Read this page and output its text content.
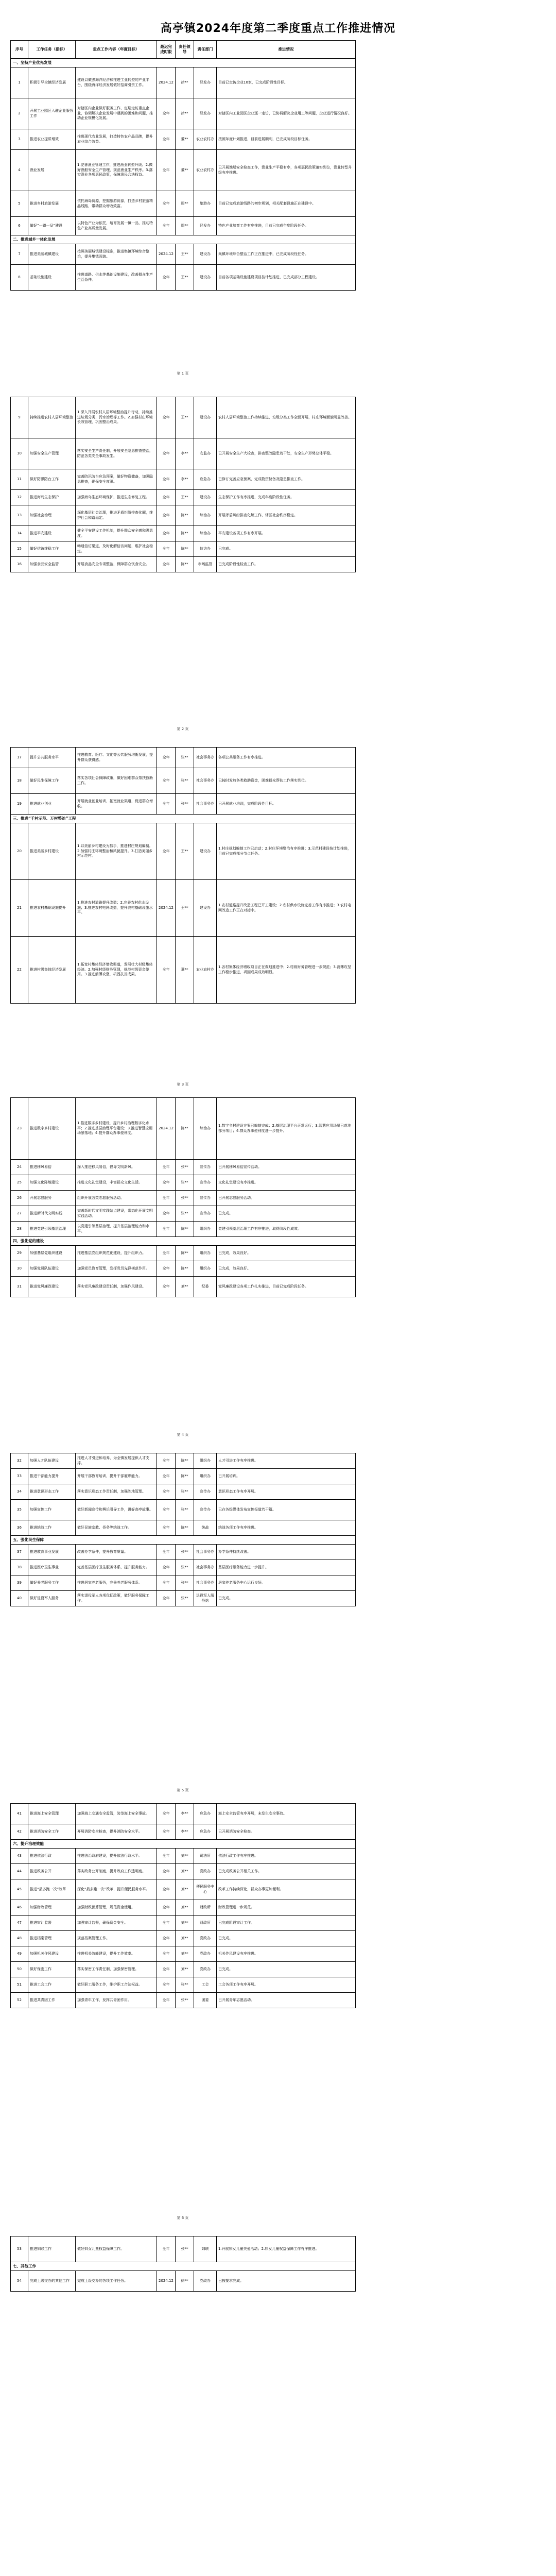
高亭镇2024年度第二季度重点工作推进情况
序号	工作任务（指标）	重点工作内容（年度目标）	最迟完成时限	责任领导	责任部门	推进情况
一、坚持产业优先发展						
1	积极引导全镇经济发展	建设以做强海洋经济和推进工业转型的产业平台，围绕海洋经济发展做好招商引资工作。	2024.12	徐**	经发办	目前已走访企业10家，已完成阶段性目标。
2	开展工业园区入驻企业服务工作	对辖区内企业做好服务工作，定期走访重点企业，协调解决企业发展中遇到的困难和问题，推动企业规模化发展。	全年	徐**	经发办	对辖区内工业园区企业逐一走访，已协调解决企业用工等问题，企业运行情况良好。
3	推进农业提质增效	推进现代农业发展，打造特色农产品品牌，提升农业综合效益。	全年	董**	农业农村办	按照年度计划推进，目前进展顺利，已完成阶段目标任务。
4	渔业发展	1.完善渔业管理工作，推进渔业转型升级。2.做好渔船安全生产管理，规范渔业生产秩序。3.落实渔业各项惠民政策，保障渔民合法权益。	全年	董**	农业农村办	已开展渔船安全检查工作，渔业生产平稳有序，各项惠民政策落实到位，渔业转型升级有序推进。
5	推进乡村旅游发展	依托海岛资源，挖掘旅游资源，打造乡村旅游精品线路，带动群众增收致富。	全年	周**	旅游办	目前已完成旅游线路的初步规划，相关配套设施正在建设中。
6	做好“一镇一品”建设	以特色产业为依托，培育发展一镇一品，推动特色产业高质量发展。	全年	周**	经发办	特色产业培育工作有序推进，目前已完成年度阶段任务。
二、推进城乡一体化发展						
7	推进美丽城镇建设	按照美丽城镇建设标准，推进集镇环境综合整治，提升集镇面貌。	2024.12	王**	建设办	集镇环境综合整治工作正在推进中，已完成阶段性任务。
8	基础设施建设	推进道路、供水等基础设施建设，改善群众生产生活条件。	全年	王**	建设办	目前各项基础设施建设项目按计划推进，已完成部分工程建设。
第 1 页
9	持续推进农村人居环境整治	1.深入开展农村人居环境整治提升行动，持续推进垃圾分类、污水治理等工作。2.加强村庄环境长效管理，巩固整治成果。	全年	王**	建设办	农村人居环境整治工作持续推进，垃圾分类工作全面开展，村庄环境面貌明显改善。
10	加强安全生产管理	落实安全生产责任制，开展安全隐患排查整治，防范各类安全事故发生。	全年	李**	安监办	已开展安全生产大检查，排查整改隐患若干处，安全生产形势总体平稳。
11	做好防汛防台工作	完善防汛防台应急预案，做好物资储备，加强隐患排查，确保安全度汛。	全年	李**	应急办	已修订完善应急预案，完成物资储备及隐患排查工作。
12	推进海岛生态保护	加强海岛生态环境保护，推进生态修复工程。	全年	王**	建设办	生态保护工作有序推进，完成年度阶段性任务。
13	加强社会治理	深化基层社会治理，推进矛盾纠纷排查化解，维护社会和谐稳定。	全年	陈**	综治办	开展矛盾纠纷排查化解工作，辖区社会秩序稳定。
14	推进平安建设	健全平安建设工作机制，提升群众安全感和满意度。	全年	陈**	综治办	平安建设各项工作有序开展。
15	做好信访维稳工作	畅通信访渠道，及时化解信访问题，维护社会稳定。	全年	陈**	信访办	已完成。
16	加强食品安全监管	开展食品安全专项整治，保障群众饮食安全。	全年	陈**	市场监管	已完成阶段性检查工作。
第 2 页
17	提升公共服务水平	推进教育、医疗、文化等公共服务均衡发展，提升群众获得感。	全年	张**	社会事务办	各项公共服务工作有序推进。
18	做好民生保障工作	落实各项社会保障政策，做好困难群众帮扶救助工作。	全年	张**	社会事务办	已按时发放各类救助资金，困难群众帮扶工作落实到位。
19	推进就业创业	开展就业创业培训，拓宽就业渠道，促进群众增收。	全年	张**	社会事务办	已开展就业培训，完成阶段性目标。
三、推进“千村示范、万村整治”工程						
20	推进美丽乡村建设	1.以美丽乡村建设为抓手，推进村庄规划编制。2.加强村庄环境整治和风貌提升。3.打造美丽乡村示范村。	全年	王**	建设办	1.村庄规划编制工作已启动；2.村庄环境整治有序推进；3.示范村建设按计划推进，目前已完成部分节点任务。
21	推进农村基础设施提升	1.推进农村道路提升改造；2.完善农村供水设施；3.推进农村电网改造，提升农村基础设施水平。	2024.12	王**	建设办	1.农村道路提升改造工程已开工建设；2.农村供水设施完善工作有序推进；3.农村电网改造工作正在对接中。
22	推进村级集体经济发展	1.拓宽村集体经济增收渠道，发展壮大村级集体经济。2.加强村级财务管理，规范村级资金使用。3.推进消薄攻坚，巩固扶贫成果。	全年	董**	农业农村办	1.各村集体经济增收项目正在谋划推进中；2.村级财务管理进一步规范；3.消薄攻坚工作稳步推进，巩固成果成效明显。
第 3 页
23	推进数字乡村建设	1.推进数字乡村建设，提升乡村治理数字化水平；2.推进基层治理平台建设；3.推进智慧应用场景落地；4.提升群众办事便利度。	2024.12	陈**	综治办	1.数字乡村建设方案已编制完成；2.基层治理平台正常运行；3.智慧应用场景已落地部分项目；4.群众办事便利度进一步提升。
24	推进移风易俗	深入推进移风易俗，倡导文明新风。	全年	张**	宣传办	已开展移风易俗宣传活动。
25	加强文化阵地建设	推进文化礼堂建设，丰富群众文化生活。	全年	张**	宣传办	文化礼堂建设有序推进。
26	开展志愿服务	组织开展各类志愿服务活动。	全年	张**	宣传办	已开展志愿服务活动。
27	推进新时代文明实践	完善新时代文明实践站点建设，常态化开展文明实践活动。	全年	张**	宣传办	已完成。
28	推进党建引领基层治理	以党建引领基层治理，提升基层治理能力和水平。	全年	陈**	组织办	党建引领基层治理工作有序推进，取得阶段性成效。
四、强化党的建设						
29	加强基层党组织建设	推进基层党组织规范化建设，提升组织力。	全年	陈**	组织办	已完成，效果良好。
30	加强党员队伍建设	加强党员教育管理，发挥党员先锋模范作用。	全年	陈**	组织办	已完成，效果良好。
31	推进党风廉政建设	落实党风廉政建设责任制，加强作风建设。	全年	刘**	纪委	党风廉政建设各项工作扎实推进，目前已完成阶段任务。
第 4 页
32	加强人才队伍建设	推进人才引进和培养，为全镇发展提供人才支撑。	全年	陈**	组织办	人才引进工作有序推进。
33	推进干部能力提升	开展干部教育培训，提升干部履职能力。	全年	陈**	组织办	已开展培训。
34	推进意识形态工作	落实意识形态工作责任制，加强阵地管理。	全年	张**	宣传办	意识形态工作有序开展。
35	加强宣传工作	做好新闻宣传和舆论引导工作，讲好高亭故事。	全年	张**	宣传办	已在各级媒体发布宣传报道若干篇。
36	推进统战工作	做好民族宗教、侨务等统战工作。	全年	陈**	统战	统战各项工作有序推进。
五、强化民生保障						
37	推进教育事业发展	改善办学条件，提升教育质量。	全年	张**	社会事务办	办学条件持续改善。
38	推进医疗卫生事业	完善基层医疗卫生服务体系，提升服务能力。	全年	张**	社会事务办	基层医疗服务能力进一步提升。
39	做好养老服务工作	推进居家养老服务，完善养老服务体系。	全年	张**	社会事务办	居家养老服务中心运行良好。
40	做好退役军人服务	落实退役军人各项优抚政策，做好服务保障工作。	全年	张**	退役军人服务站	已完成。
第 5 页
41	推进海上安全管理	加强海上交通安全监管，防范海上安全事故。	全年	李**	应急办	海上安全监管有序开展，未发生安全事故。
42	推进消防安全工作	开展消防安全检查，提升消防安全水平。	全年	李**	应急办	已开展消防安全检查。
六、提升治理效能						
43	推进依法行政	推进法治政府建设，提升依法行政水平。	全年	刘**	司法所	依法行政工作有序推进。
44	推进政务公开	落实政务公开制度，提升政府工作透明度。	全年	刘**	党政办	已完成政务公开相关工作。
45	推进“最多跑一次”改革	深化“最多跑一次”改革，提升便民服务水平。	全年	刘**	便民服务中心	改革工作持续深化，群众办事更加便利。
46	加强财政管理	加强财政预算管理，规范资金使用。	全年	刘**	财政所	财政管理进一步规范。
47	推进审计监督	加强审计监督，确保资金安全。	全年	刘**	财政所	已完成阶段审计工作。
48	推进档案管理	规范档案管理工作。	全年	刘**	党政办	已完成。
49	加强机关作风建设	推进机关效能建设，提升工作效率。	全年	刘**	党政办	机关作风建设有序推进。
50	做好保密工作	落实保密工作责任制，加强保密管理。	全年	刘**	党政办	已完成。
51	推进工会工作	做好职工服务工作，维护职工合法权益。	全年	张**	工会	工会各项工作有序开展。
52	推进共青团工作	加强青年工作，发挥共青团作用。	全年	张**	团委	已开展青年志愿活动。
第 6 页
53	推进妇联工作	做好妇女儿童权益保障工作。	全年	张**	妇联	1.开展妇女儿童关爱活动；2.妇女儿童权益保障工作有序推进。
七、其他工作						
54	完成上级交办的其他工作	完成上级交办的各项工作任务。	2024.12	徐**	党政办	已按要求完成。
